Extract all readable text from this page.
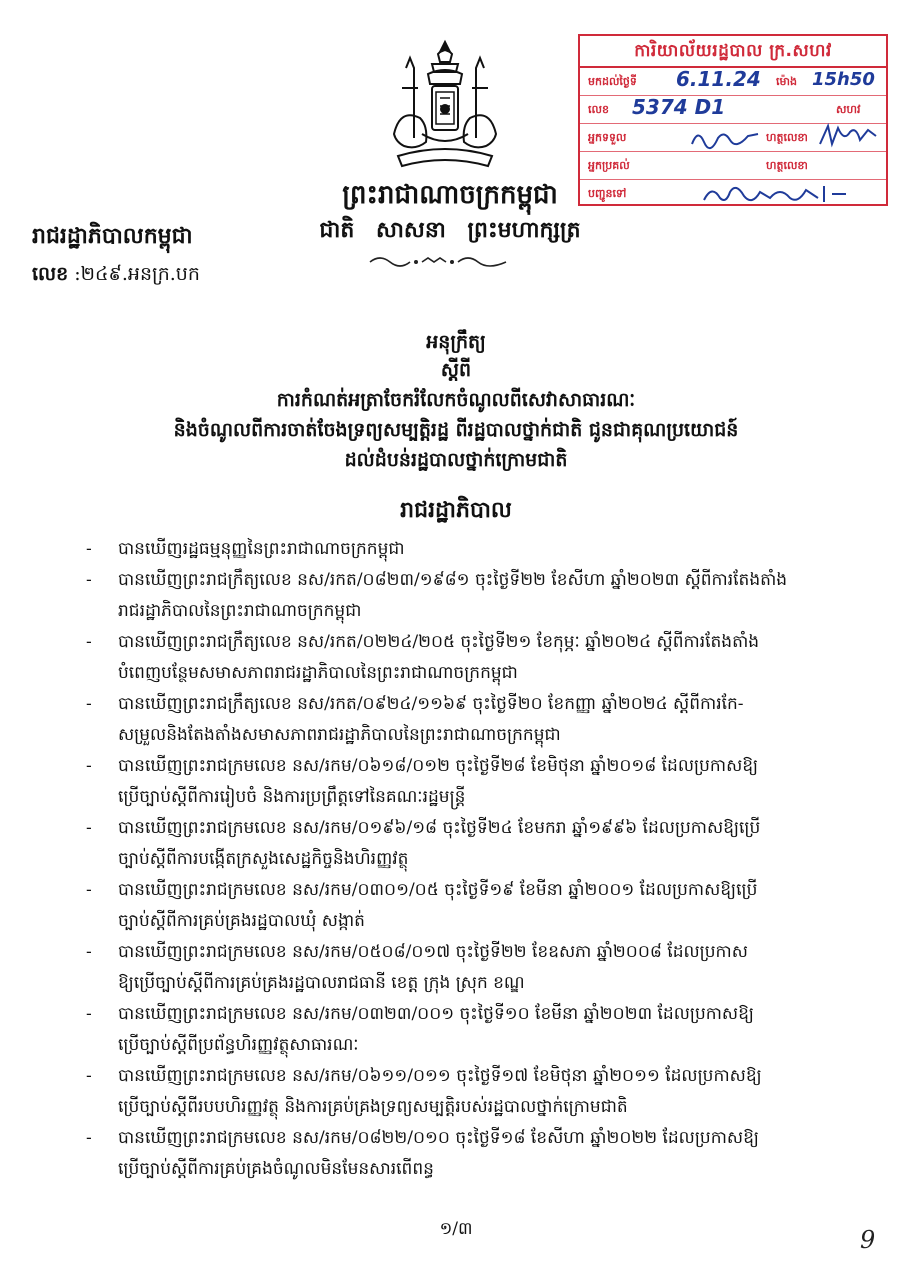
ព្រះរាជាណាចក្រកម្ពុជា
ជាតិ សាសនា ព្រះមហាក្សត្រ
រាជរដ្ឋាភិបាលកម្ពុជា
លេខ :២៤៩.អនក្រ.បក
ការិយាល័យរដ្ឋបាល ក្រ.សហវ
មកដល់ថ្ងៃទី 6.11.24 ម៉ោង 15h50
លេខ 5374 D1	សហវ
អ្នកទទួល	ហត្ថលេខា
អ្នកប្រគល់	ហត្ថលេខា
បញ្ជូនទៅ
អនុក្រឹត្យ
ស្តីពី
ការកំណត់អត្រាចែករំលែកចំណូលពីសេវាសាធារណៈ
និងចំណូលពីការចាត់ចែងទ្រព្យសម្បត្តិរដ្ឋ ពីរដ្ឋបាលថ្នាក់ជាតិ ជូនជាគុណប្រយោជន៍
ដល់ដំបន់រដ្ឋបាលថ្នាក់ក្រោមជាតិ
រាជរដ្ឋាភិបាល
-	បានឃើញរដ្ឋធម្មនុញ្ញនៃព្រះរាជាណាចក្រកម្ពុជា
-	បានឃើញព្រះរាជក្រឹត្យលេខ នស/រកត/០៨២៣/១៩៨១ ចុះថ្ងៃទី២២ ខែសីហា ឆ្នាំ២០២៣ ស្តីពីការតែងតាំង
រាជរដ្ឋាភិបាលនៃព្រះរាជាណាចក្រកម្ពុជា
-	បានឃើញព្រះរាជក្រឹត្យលេខ នស/រកត/០២២៤/២០៥ ចុះថ្ងៃទី២១ ខែកុម្ភៈ ឆ្នាំ២០២៤ ស្តីពីការតែងតាំង
បំពេញបន្ថែមសមាសភាពរាជរដ្ឋាភិបាលនៃព្រះរាជាណាចក្រកម្ពុជា
-	បានឃើញព្រះរាជក្រឹត្យលេខ នស/រកត/០៩២៤/១១៦៩ ចុះថ្ងៃទី២០ ខែកញ្ញា ឆ្នាំ២០២៤ ស្តីពីការកែ-
សម្រួលនិងតែងតាំងសមាសភាពរាជរដ្ឋាភិបាលនៃព្រះរាជាណាចក្រកម្ពុជា
-	បានឃើញព្រះរាជក្រមលេខ នស/រកម/០៦១៨/០១២ ចុះថ្ងៃទី២៨ ខែមិថុនា ឆ្នាំ២០១៨ ដែលប្រកាសឱ្យ
ប្រើច្បាប់ស្តីពីការរៀបចំ និងការប្រព្រឹត្តទៅនៃគណៈរដ្ឋមន្ត្រី
-	បានឃើញព្រះរាជក្រមលេខ នស/រកម/០១៩៦/១៨ ចុះថ្ងៃទី២៤ ខែមករា ឆ្នាំ១៩៩៦ ដែលប្រកាសឱ្យប្រើ
ច្បាប់ស្តីពីការបង្កើតក្រសួងសេដ្ឋកិច្ចនិងហិរញ្ញវត្ថុ
-	បានឃើញព្រះរាជក្រមលេខ នស/រកម/០៣០១/០៥ ចុះថ្ងៃទី១៩ ខែមីនា ឆ្នាំ២០០១ ដែលប្រកាសឱ្យប្រើ
ច្បាប់ស្តីពីការគ្រប់គ្រងរដ្ឋបាលឃុំ សង្កាត់
-	បានឃើញព្រះរាជក្រមលេខ នស/រកម/០៥០៨/០១៧ ចុះថ្ងៃទី២២ ខែឧសភា ឆ្នាំ២០០៨ ដែលប្រកាស
ឱ្យប្រើច្បាប់ស្តីពីការគ្រប់គ្រងរដ្ឋបាលរាជធានី ខេត្ត ក្រុង ស្រុក ខណ្ឌ
-	បានឃើញព្រះរាជក្រមលេខ នស/រកម/០៣២៣/០០១ ចុះថ្ងៃទី១០ ខែមីនា ឆ្នាំ២០២៣ ដែលប្រកាសឱ្យ
ប្រើច្បាប់ស្តីពីប្រព័ន្ធហិរញ្ញវត្ថុសាធារណៈ
-	បានឃើញព្រះរាជក្រមលេខ នស/រកម/០៦១១/០១១ ចុះថ្ងៃទី១៧ ខែមិថុនា ឆ្នាំ២០១១ ដែលប្រកាសឱ្យ
ប្រើច្បាប់ស្តីពីរបបហិរញ្ញវត្ថុ និងការគ្រប់គ្រងទ្រព្យសម្បត្តិរបស់រដ្ឋបាលថ្នាក់ក្រោមជាតិ
-	បានឃើញព្រះរាជក្រមលេខ នស/រកម/០៨២២/០១០ ចុះថ្ងៃទី១៨ ខែសីហា ឆ្នាំ២០២២ ដែលប្រកាសឱ្យ
ប្រើច្បាប់ស្តីពីការគ្រប់គ្រងចំណូលមិនមែនសារពើពន្ធ
១/៣	9
